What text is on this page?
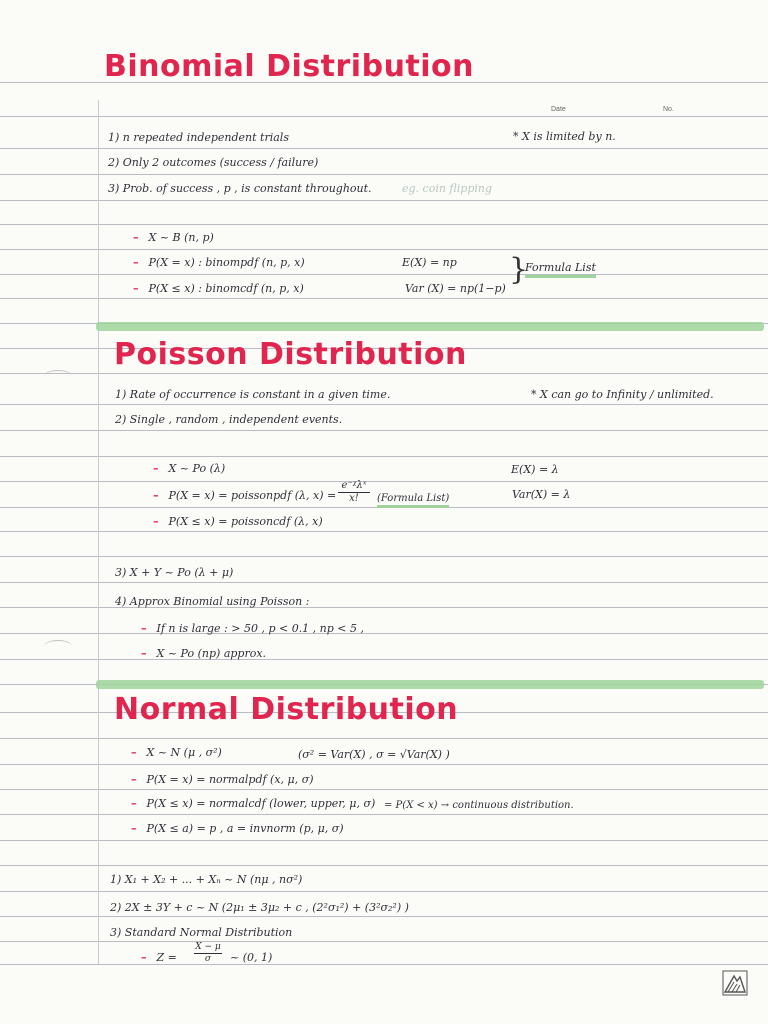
Date	No.
Binomial Distribution
1) n repeated independent trials
2) Only 2 outcomes (success / failure)
3) Prob. of success , p , is constant throughout.
* X is limited by n.
eg. coin flipping
– X ~ B (n, p)
– P(X = x) : binompdf (n, p, x)
– P(X ≤ x) : binomcdf (n, p, x)
E(X) = np
Var (X) = np(1−p)
}
Formula List
Poisson Distribution
1) Rate of occurrence is constant in a given time.
2) Single , random , independent events.
* X can go to Infinity / unlimited.
– X ~ Po (λ)
– P(X = x) = poissonpdf (λ, x) =
e⁻ᵡλˣ
x!	(Formula List)
– P(X ≤ x) = poissoncdf (λ, x)
E(X) = λ
Var(X) = λ
3) X + Y ~ Po (λ + μ)
4) Approx Binomial using Poisson :
– If n is large : > 50 , p < 0.1 , np < 5 ,
– X ~ Po (np) approx.
Normal Distribution
– X ~ N (μ , σ²)	(σ² = Var(X) , σ = √Var(X) )
– P(X = x) = normalpdf (x, μ, σ)
– P(X ≤ x) = normalcdf (lower, upper, μ, σ) = P(X < x) → continuous distribution.
– P(X ≤ a) = p , a = invnorm (p, μ, σ)
1) X₁ + X₂ + ... + Xₙ ~ N (nμ , nσ²)
2) 2X ± 3Y + c ~ N (2μ₁ ± 3μ₂ + c , (2²σ₁²) + (3²σ₂²) )
3) Standard Normal Distribution
– $Z = \frac{X - \mu}{\sigma}$ ~ (0, 1)
